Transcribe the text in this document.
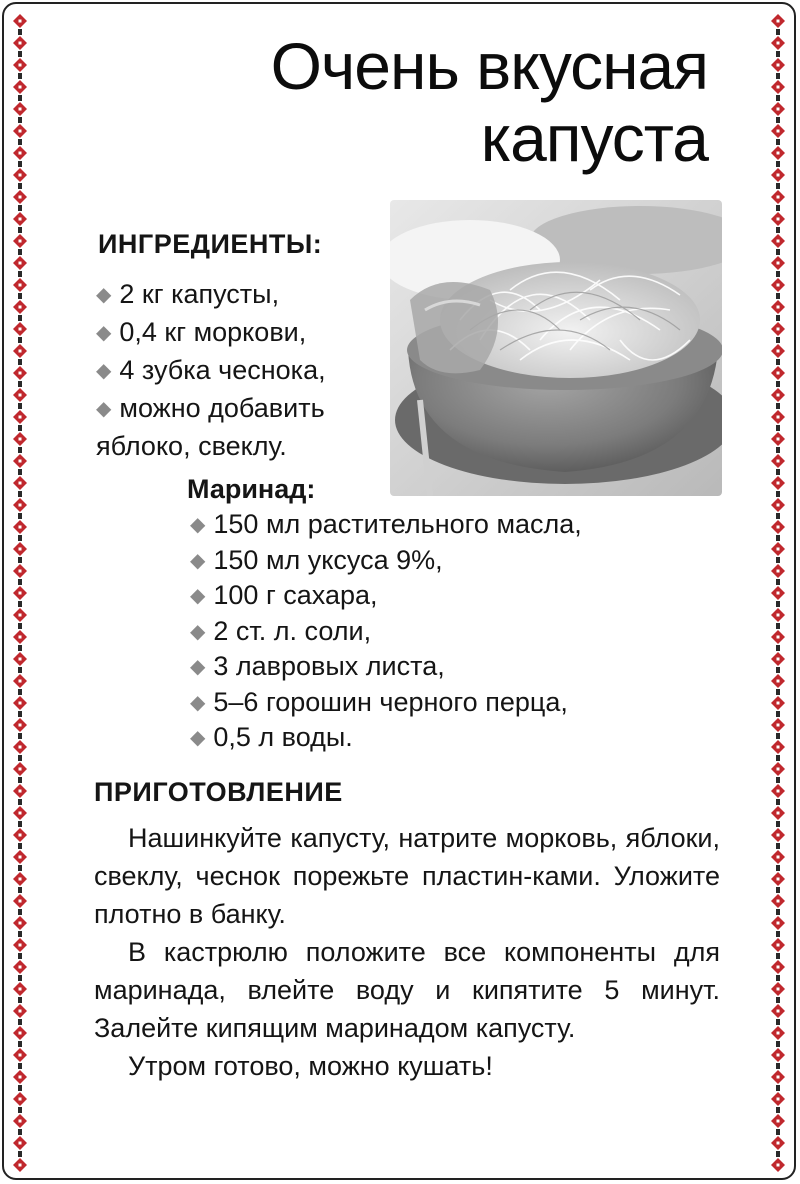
Очень вкусная
капуста
ИНГРЕДИЕНТЫ:
◆ 2 кг капусты,
◆ 0,4 кг моркови,
◆ 4 зубка чеснока,
◆ можно добавить
яблоко, свеклу.
Маринад:
◆ 150 мл растительного масла,
◆ 150 мл уксуса 9%,
◆ 100 г сахара,
◆ 2 ст. л. соли,
◆ 3 лавровых листа,
◆ 5–6 горошин черного перца,
◆ 0,5 л воды.
ПРИГОТОВЛЕНИЕ

Нашинкуйте капусту, натрите морковь, яблоки, свеклу, чеснок порежьте пластин-ками. Уложите плотно в банку.

В кастрюлю положите все компоненты для маринада, влейте воду и кипятите 5 минут. Залейте кипящим маринадом капусту.

Утром готово, можно кушать!
